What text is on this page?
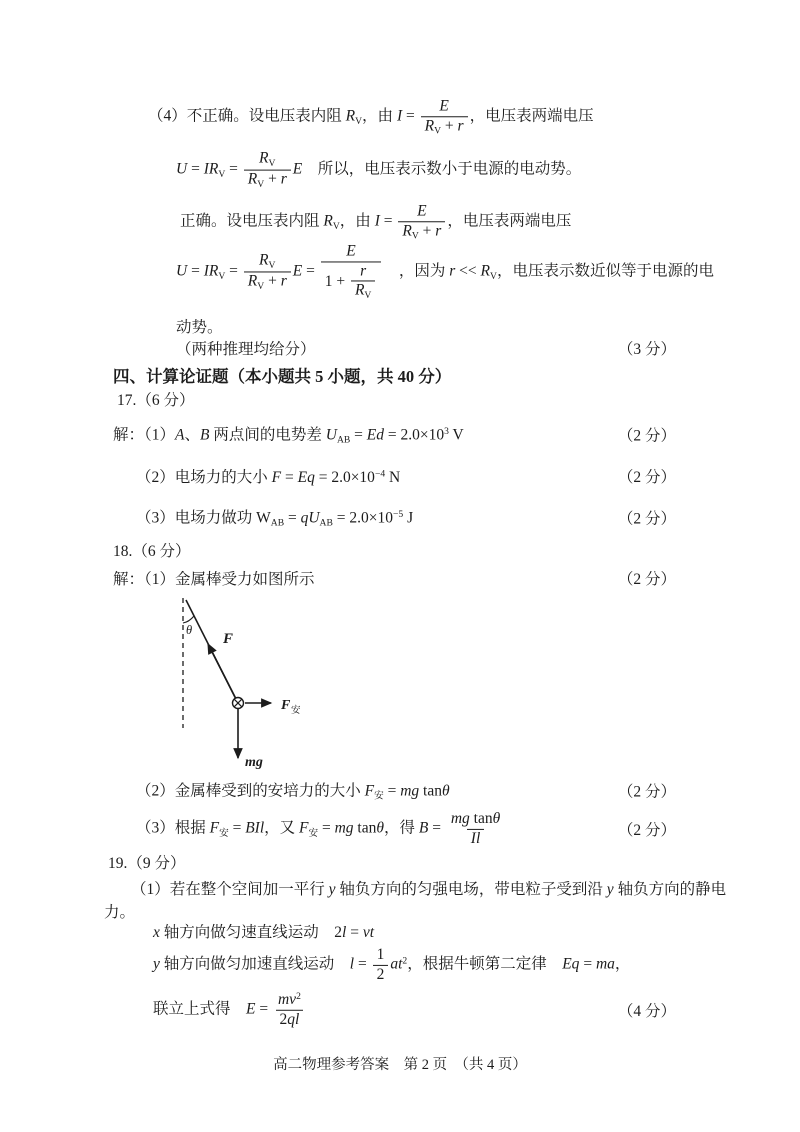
（4）不正确。设电压表内阻 $R_V$，由 $I = \frac{E}{R_V + r}$ ，电压表两端电压
$U = IR_V = \frac{R_V}{R_V + r}$ E　所以，电压表示数小于电源的电动势。
正确。设电压表内阻 $R_V$，由 $I = \frac{E}{R_V + r}$ ，电压表两端电压
$U = IR_V = \frac{R_V}{R_V + r}$ $E = \frac{E}{1 + \frac{r}{R_V}}$ 　，因为 $r << R_V$，电压表示数近似等于电源的电
动势。
（两种推理均给分）	（3 分）
四、计算论证题（本小题共 5 小题，共 40 分）
17.（6 分）
解：（1）A、B 两点间的电势差 $U_{AB} = Ed = 2.0\times 10^3$ V	（2 分）
（2）电场力的大小 $F = Eq = 2.0\times 10^{-4}$ N	（2 分）
（3）电场力做功 $W_{AB} = qU_{AB} = 2.0\times 10^{-5}$ J	（2 分）
18.（6 分）
解：（1）金属棒受力如图所示	（2 分）
θ
F
F 安
mg
（2）金属棒受到的安培力的大小 $F_安$ = mg tanθ	（2 分）
（3）根据 $F_安$ = BIl，又 $F_安$ = mg tanθ，得 $B = \frac{\text{mg tanθ}}{Il}$	（2 分）
19.（9 分）
（1）若在整个空间加一平行 y 轴负方向的匀强电场，带电粒子受到沿 y 轴负方向的静电
力。
x 轴方向做匀速直线运动　2l = vt
y 轴方向做匀加速直线运动　$l = \frac{1}{2} at^2$，根据牛顿第二定律　Eq = ma，
联立上式得　$E = \frac{mv^2}{2ql}$	（4 分）
高二物理参考答案　第 2 页　（共 4 页）
